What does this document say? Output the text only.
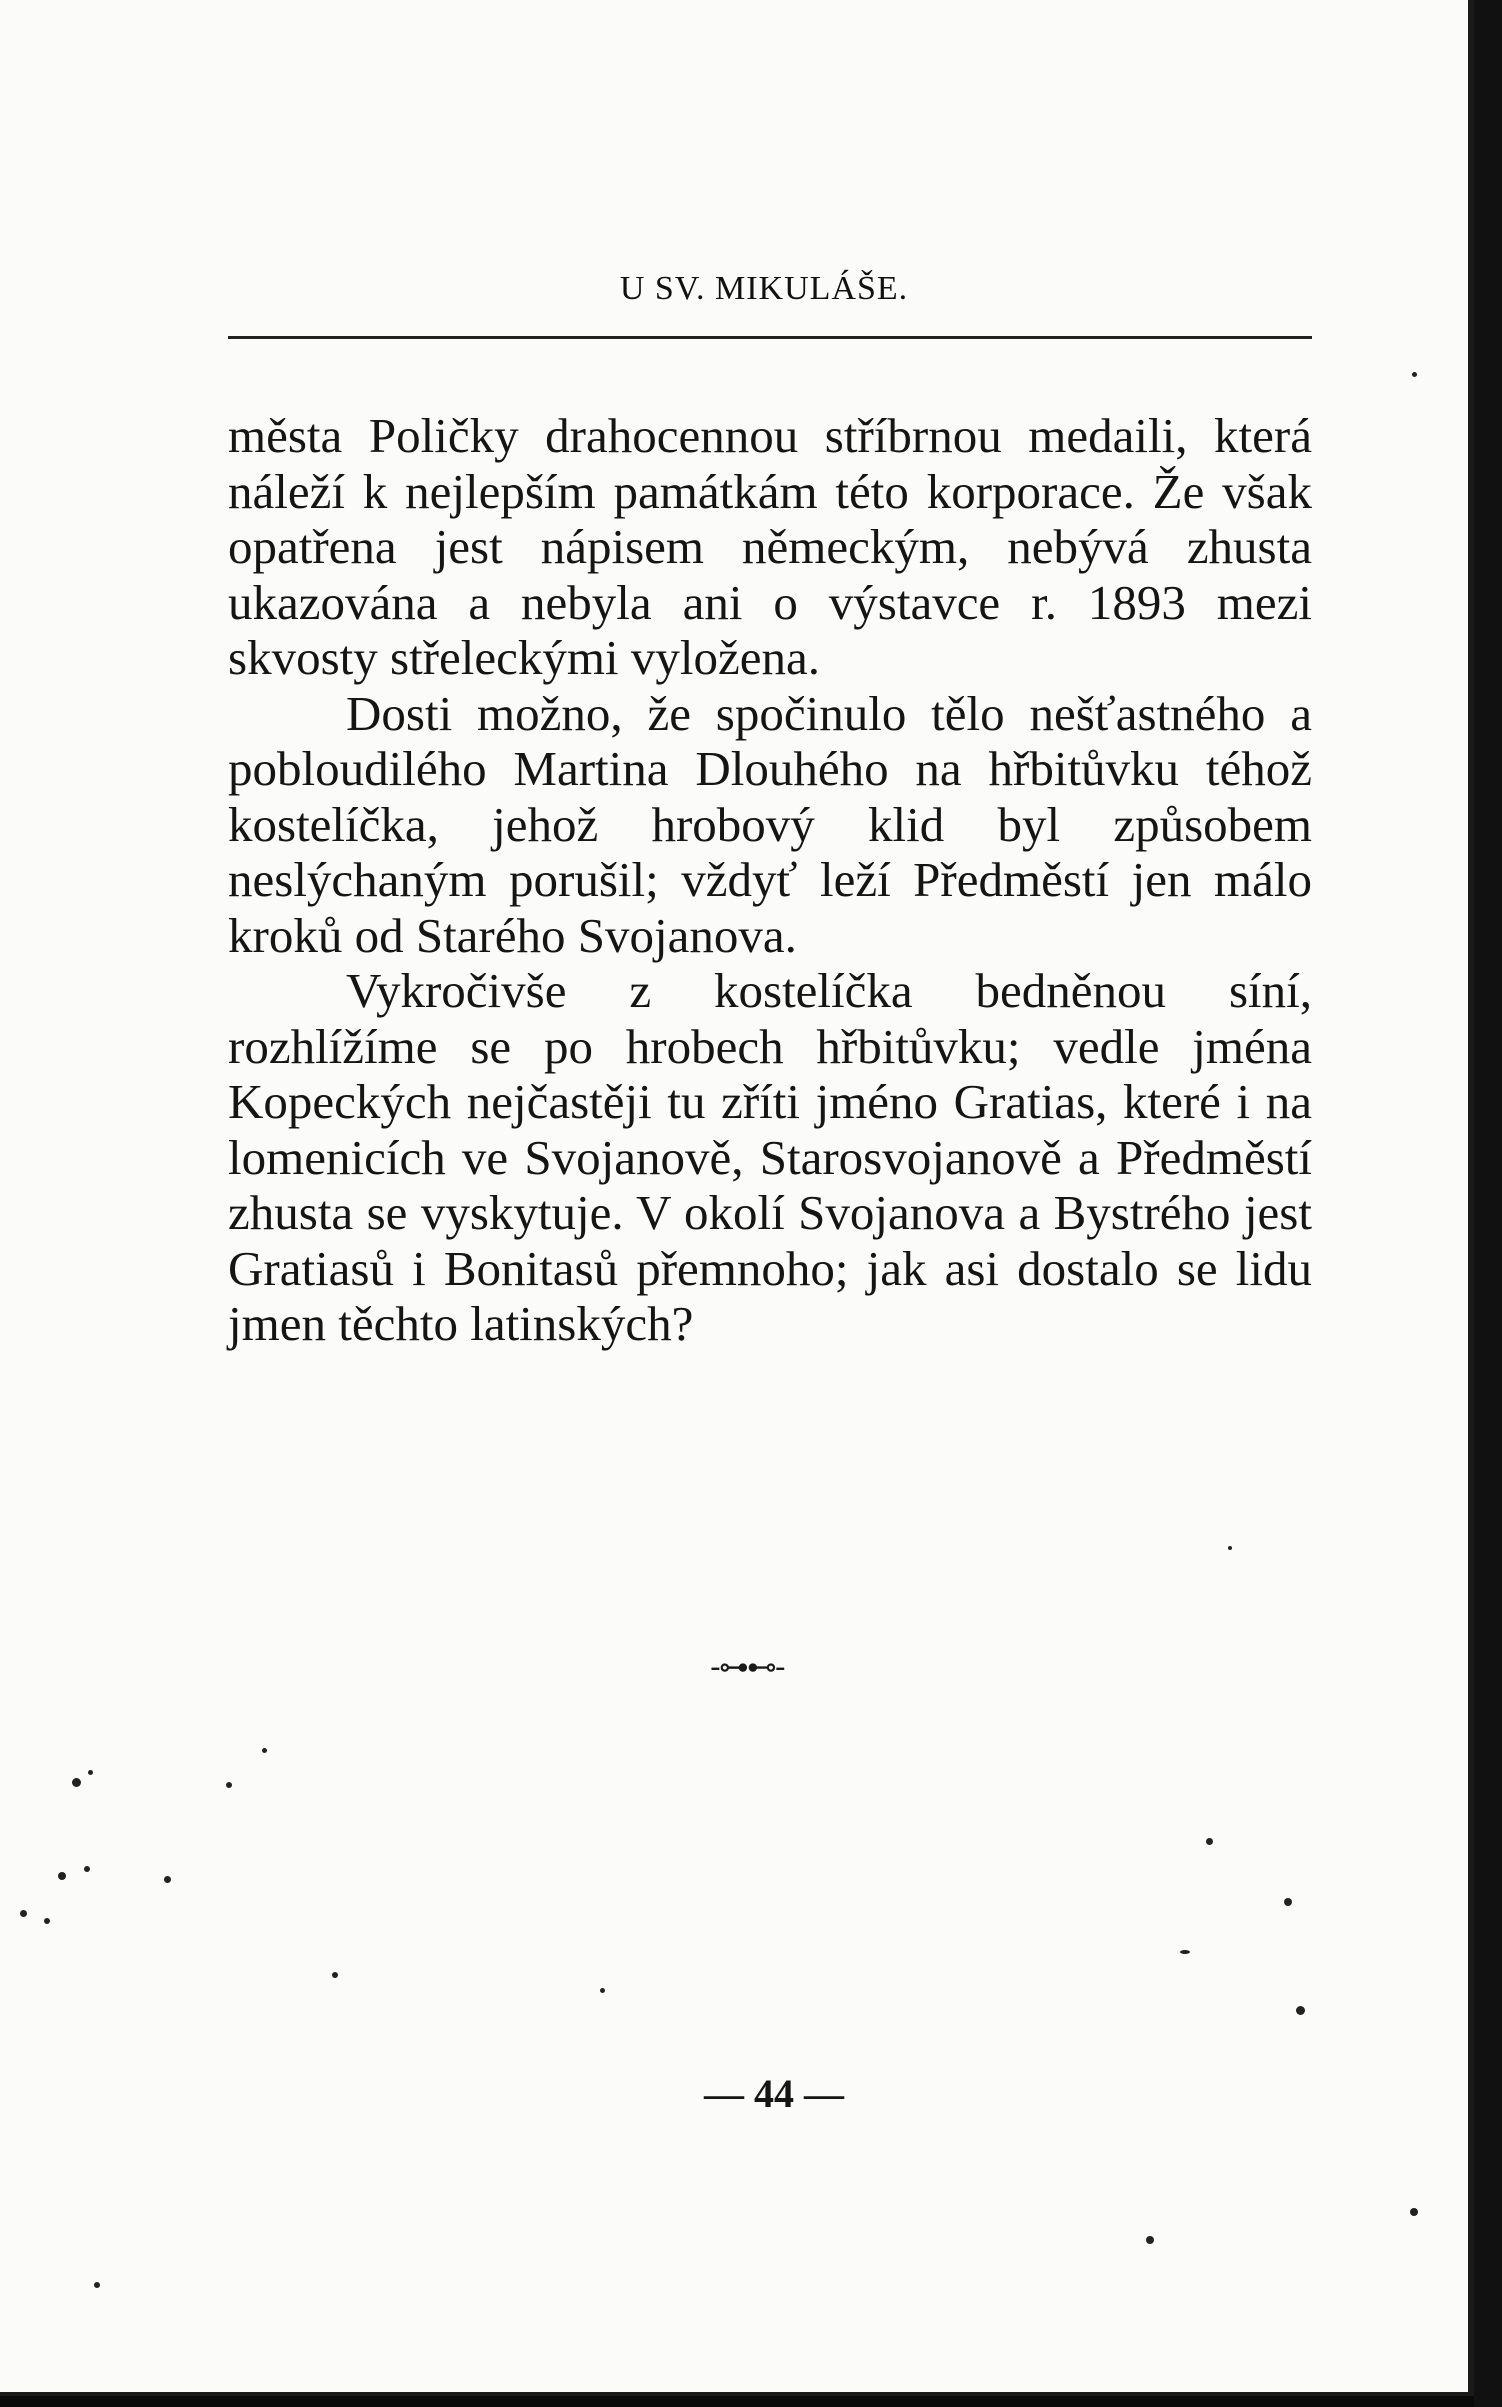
U SV. MIKULÁŠE.

města Poličky drahocennou stříbrnou medaili, která náleží k nejlepším památkám této korporace. Že však opatřena jest nápisem německým, nebývá zhusta ukazována a nebyla ani o výstavce r. 1893 mezi skvosty střeleckými vyložena.

Dosti možno, že spočinulo tělo nešťastného a pobloudilého Martina Dlouhého na hřbitůvku téhož kostelíčka, jehož hrobový klid byl způsobem neslýchaným porušil; vždyť leží Předměstí jen málo kroků od Starého Svojanova.

Vykročivše z kostelíčka bedněnou síní, rozhlížíme se po hrobech hřbitůvku; vedle jména Kopeckých nejčastěji tu zříti jméno Gratias, které i na lomenicích ve Svojanově, Starosvojanově a Předměstí zhusta se vyskytuje. V okolí Svojanova a Bystrého jest Gratiasů i Bonitasů přemnoho; jak asi dostalo se lidu jmen těchto latinských?

-⊶⊷-
— 44 —
